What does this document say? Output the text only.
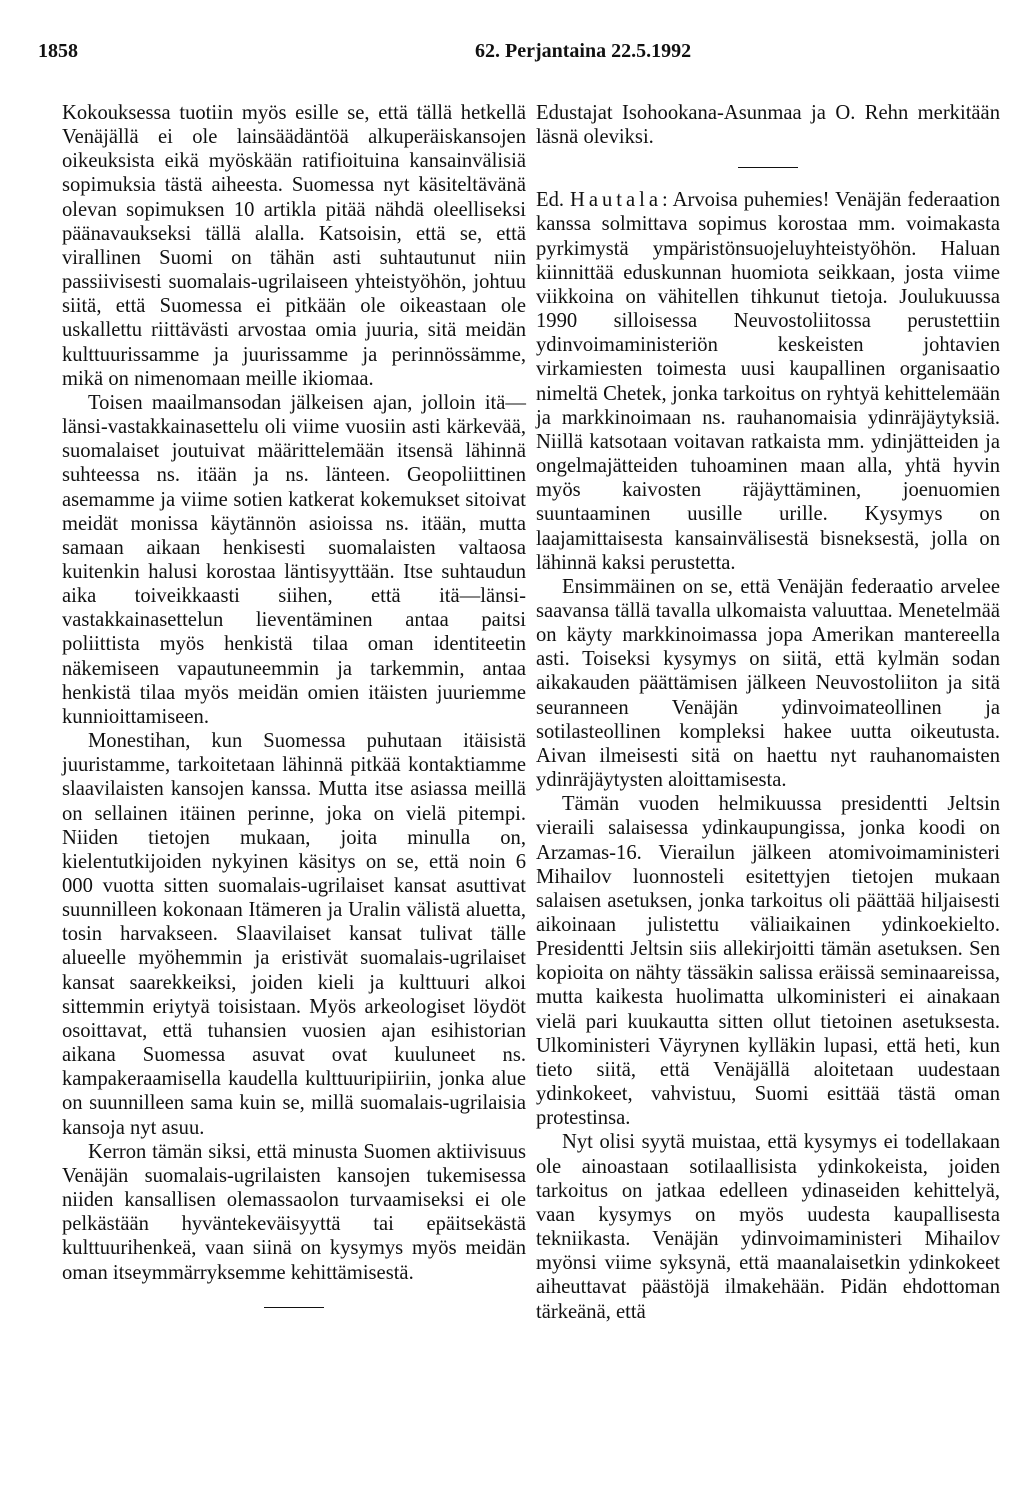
1858	62. Perjantaina 22.5.1992

Kokouksessa tuotiin myös esille se, että tällä hetkellä Venäjällä ei ole lainsäädäntöä alkuperäiskansojen oikeuksista eikä myöskään ratifioituina kansainvälisiä sopimuksia tästä aiheesta. Suomessa nyt käsiteltävänä olevan sopimuksen 10 artikla pitää nähdä oleelliseksi päänavaukseksi tällä alalla. Katsoisin, että se, että virallinen Suomi on tähän asti suhtautunut niin passiivisesti suomalais-ugrilaiseen yhteistyöhön, johtuu siitä, että Suomessa ei pitkään ole oikeastaan ole uskallettu riittävästi arvostaa omia juuria, sitä meidän kulttuurissamme ja juurissamme ja perinnössämme, mikä on nimenomaan meille ikiomaa.

Toisen maailmansodan jälkeisen ajan, jolloin itä—länsi-vastakkainasettelu oli viime vuosiin asti kärkevää, suomalaiset joutuivat määrittelemään itsensä lähinnä suhteessa ns. itään ja ns. länteen. Geopoliittinen asemamme ja viime sotien katkerat kokemukset sitoivat meidät monissa käytännön asioissa ns. itään, mutta samaan aikaan henkisesti suomalaisten valtaosa kuitenkin halusi korostaa läntisyyttään. Itse suhtaudun aika toiveikkaasti siihen, että itä—länsi-vastakkainasettelun lieventäminen antaa paitsi poliittista myös henkistä tilaa oman identiteetin näkemiseen vapautuneemmin ja tarkemmin, antaa henkistä tilaa myös meidän omien itäisten juuriemme kunnioittamiseen.

Monestihan, kun Suomessa puhutaan itäisistä juuristamme, tarkoitetaan lähinnä pitkää kontaktiamme slaavilaisten kansojen kanssa. Mutta itse asiassa meillä on sellainen itäinen perinne, joka on vielä pitempi. Niiden tietojen mukaan, joita minulla on, kielentutkijoiden nykyinen käsitys on se, että noin 6 000 vuotta sitten suomalais-ugrilaiset kansat asuttivat suunnilleen kokonaan Itämeren ja Uralin välistä aluetta, tosin harvakseen. Slaavilaiset kansat tulivat tälle alueelle myöhemmin ja eristivät suomalais-ugrilaiset kansat saarekkeiksi, joiden kieli ja kulttuuri alkoi sittemmin eriytyä toisistaan. Myös arkeologiset löydöt osoittavat, että tuhansien vuosien ajan esihistorian aikana Suomessa asuvat ovat kuuluneet ns. kampakeraamisella kaudella kulttuuripiiriin, jonka alue on suunnilleen sama kuin se, millä suomalais-ugrilaisia kansoja nyt asuu.

Kerron tämän siksi, että minusta Suomen aktiivisuus Venäjän suomalais-ugrilaisten kansojen tukemisessa niiden kansallisen olemassaolon turvaamiseksi ei ole pelkästään hyväntekeväisyyttä tai epäitsekästä kulttuurihenkeä, vaan siinä on kysymys myös meidän oman itseymmärryksemme kehittämisestä.

Edustajat Isohookana-Asunmaa ja O. Rehn merkitään läsnä oleviksi.

Ed. Hautala: Arvoisa puhemies! Venäjän federaation kanssa solmittava sopimus korostaa mm. voimakasta pyrkimystä ympäristönsuojeluyhteistyöhön. Haluan kiinnittää eduskunnan huomiota seikkaan, josta viime viikkoina on vähitellen tihkunut tietoja. Joulukuussa 1990 silloisessa Neuvostoliitossa perustettiin ydinvoimaministeriön keskeisten johtavien virkamiesten toimesta uusi kaupallinen organisaatio nimeltä Chetek, jonka tarkoitus on ryhtyä kehittelemään ja markkinoimaan ns. rauhanomaisia ydinräjäytyksiä. Niillä katsotaan voitavan ratkaista mm. ydinjätteiden ja ongelmajätteiden tuhoaminen maan alla, yhtä hyvin myös kaivosten räjäyttäminen, joenuomien suuntaaminen uusille urille. Kysymys on laajamittaisesta kansainvälisestä bisneksestä, jolla on lähinnä kaksi perustetta.

Ensimmäinen on se, että Venäjän federaatio arvelee saavansa tällä tavalla ulkomaista valuuttaa. Menetelmää on käyty markkinoimassa jopa Amerikan mantereella asti. Toiseksi kysymys on siitä, että kylmän sodan aikakauden päättämisen jälkeen Neuvostoliiton ja sitä seuranneen Venäjän ydinvoimateollinen ja sotilasteollinen kompleksi hakee uutta oikeutusta. Aivan ilmeisesti sitä on haettu nyt rauhanomaisten ydinräjäytysten aloittamisesta.

Tämän vuoden helmikuussa presidentti Jeltsin vieraili salaisessa ydinkaupungissa, jonka koodi on Arzamas-16. Vierailun jälkeen atomivoimaministeri Mihailov luonnosteli esitettyjen tietojen mukaan salaisen asetuksen, jonka tarkoitus oli päättää hiljaisesti aikoinaan julistettu väliaikainen ydinkoekielto. Presidentti Jeltsin siis allekirjoitti tämän asetuksen. Sen kopioita on nähty tässäkin salissa eräissä seminaareissa, mutta kaikesta huolimatta ulkoministeri ei ainakaan vielä pari kuukautta sitten ollut tietoinen asetuksesta. Ulkoministeri Väyrynen kylläkin lupasi, että heti, kun tieto siitä, että Venäjällä aloitetaan uudestaan ydinkokeet, vahvistuu, Suomi esittää tästä oman protestinsa.

Nyt olisi syytä muistaa, että kysymys ei todellakaan ole ainoastaan sotilaallisista ydinkokeista, joiden tarkoitus on jatkaa edelleen ydinaseiden kehittelyä, vaan kysymys on myös uudesta kaupallisesta tekniikasta. Venäjän ydinvoimaministeri Mihailov myönsi viime syksynä, että maanalaisetkin ydinkokeet aiheuttavat päästöjä ilmakehään. Pidän ehdottoman tärkeänä, että
